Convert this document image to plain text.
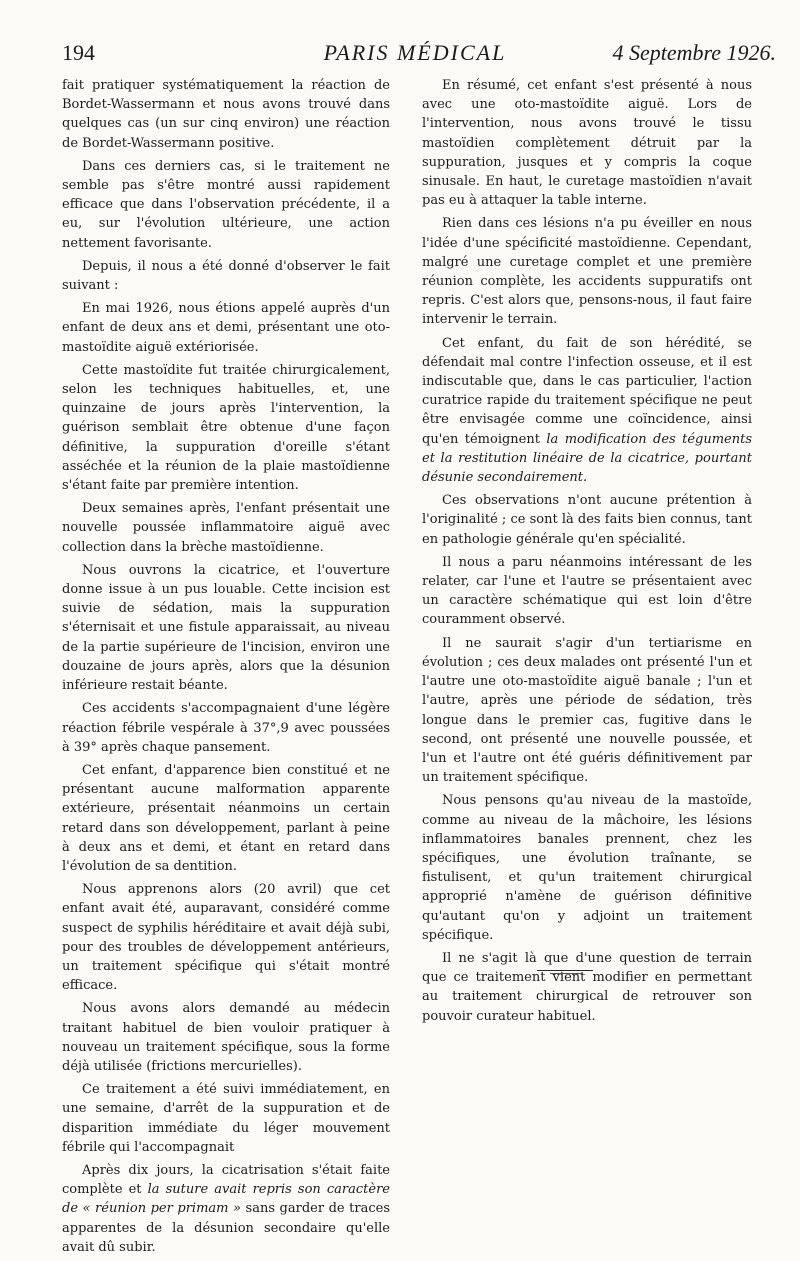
194	PARIS MÉDICAL	4 Septembre 1926.

fait pratiquer systématiquement la réaction de Bordet-Wassermann et nous avons trouvé dans quelques cas (un sur cinq environ) une réaction de Bordet-Wassermann positive.

Dans ces derniers cas, si le traitement ne semble pas s'être montré aussi rapidement efficace que dans l'observation précédente, il a eu, sur l'évolution ultérieure, une action nettement favorisante.

Depuis, il nous a été donné d'observer le fait suivant :

En mai 1926, nous étions appelé auprès d'un enfant de deux ans et demi, présentant une oto-mastoïdite aiguë extériorisée.

Cette mastoïdite fut traitée chirurgicalement, selon les techniques habituelles, et, une quinzaine de jours après l'intervention, la guérison semblait être obtenue d'une façon définitive, la suppuration d'oreille s'étant asséchée et la réunion de la plaie mastoïdienne s'étant faite par première intention.

Deux semaines après, l'enfant présentait une nouvelle poussée inflammatoire aiguë avec collection dans la brèche mastoïdienne.

Nous ouvrons la cicatrice, et l'ouverture donne issue à un pus louable. Cette incision est suivie de sédation, mais la suppuration s'éternisait et une fistule apparaissait, au niveau de la partie supérieure de l'incision, environ une douzaine de jours après, alors que la désunion inférieure restait béante.

Ces accidents s'accompagnaient d'une légère réaction fébrile vespérale à 37°,9 avec poussées à 39° après chaque pansement.

Cet enfant, d'apparence bien constitué et ne présentant aucune malformation apparente extérieure, présentait néanmoins un certain retard dans son développement, parlant à peine à deux ans et demi, et étant en retard dans l'évolution de sa dentition.

Nous apprenons alors (20 avril) que cet enfant avait été, auparavant, considéré comme suspect de syphilis héréditaire et avait déjà subi, pour des troubles de développement antérieurs, un traitement spécifique qui s'était montré efficace.

Nous avons alors demandé au médecin traitant habituel de bien vouloir pratiquer à nouveau un traitement spécifique, sous la forme déjà utilisée (frictions mercurielles).

Ce traitement a été suivi immédiatement, en une semaine, d'arrêt de la suppuration et de disparition immédiate du léger mouvement fébrile qui l'accompagnait

Après dix jours, la cicatrisation s'était faite complète et la suture avait repris son caractère de « réunion per primam » sans garder de traces apparentes de la désunion secondaire qu'elle avait dû subir.

En résumé, cet enfant s'est présenté à nous avec une oto-mastoïdite aiguë. Lors de l'intervention, nous avons trouvé le tissu mastoïdien complètement détruit par la suppuration, jusques et y compris la coque sinusale. En haut, le curetage mastoïdien n'avait pas eu à attaquer la table interne.

Rien dans ces lésions n'a pu éveiller en nous l'idée d'une spécificité mastoïdienne. Cependant, malgré une curetage complet et une première réunion complète, les accidents suppuratifs ont repris. C'est alors que, pensons-nous, il faut faire intervenir le terrain.

Cet enfant, du fait de son hérédité, se défendait mal contre l'infection osseuse, et il est indiscutable que, dans le cas particulier, l'action curatrice rapide du traitement spécifique ne peut être envisagée comme une coïncidence, ainsi qu'en témoignent la modification des téguments et la restitution linéaire de la cicatrice, pourtant désunie secondairement.

Ces observations n'ont aucune prétention à l'originalité ; ce sont là des faits bien connus, tant en pathologie générale qu'en spécialité.

Il nous a paru néanmoins intéressant de les relater, car l'une et l'autre se présentaient avec un caractère schématique qui est loin d'être couramment observé.

Il ne saurait s'agir d'un tertiarisme en évolution ; ces deux malades ont présenté l'un et l'autre une oto-mastoïdite aiguë banale ; l'un et l'autre, après une période de sédation, très longue dans le premier cas, fugitive dans le second, ont présenté une nouvelle poussée, et l'un et l'autre ont été guéris définitivement par un traitement spécifique.

Nous pensons qu'au niveau de la mastoïde, comme au niveau de la mâchoire, les lésions inflammatoires banales prennent, chez les spécifiques, une évolution traînante, se fistulisent, et qu'un traitement chirurgical approprié n'amène de guérison définitive qu'autant qu'on y adjoint un traitement spécifique.

Il ne s'agit là que d'une question de terrain que ce traitement vient modifier en permettant au traitement chirurgical de retrouver son pouvoir curateur habituel.
